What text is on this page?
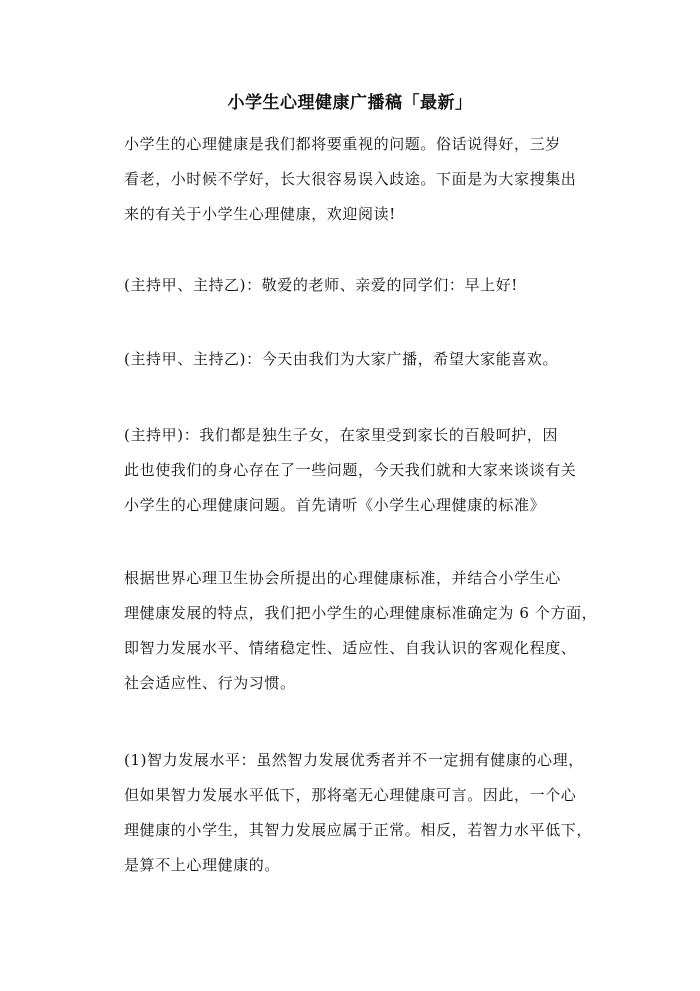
小学生心理健康广播稿「最新」
小学生的心理健康是我们都将要重视的问题。俗话说得好，三岁
看老，小时候不学好，长大很容易误入歧途。下面是为大家搜集出
来的有关于小学生心理健康，欢迎阅读!
(主持甲、主持乙)：敬爱的老师、亲爱的同学们：早上好!
(主持甲、主持乙)：今天由我们为大家广播，希望大家能喜欢。
(主持甲)：我们都是独生子女，在家里受到家长的百般呵护，因
此也使我们的身心存在了一些问题，今天我们就和大家来谈谈有关
小学生的心理健康问题。首先请听《小学生心理健康的标准》
根据世界心理卫生协会所提出的心理健康标准，并结合小学生心
理健康发展的特点，我们把小学生的心理健康标准确定为 6 个方面，
即智力发展水平、情绪稳定性、适应性、自我认识的客观化程度、
社会适应性、行为习惯。
(1)智力发展水平：虽然智力发展优秀者并不一定拥有健康的心理，
但如果智力发展水平低下，那将毫无心理健康可言。因此，一个心
理健康的小学生，其智力发展应属于正常。相反，若智力水平低下，
是算不上心理健康的。
